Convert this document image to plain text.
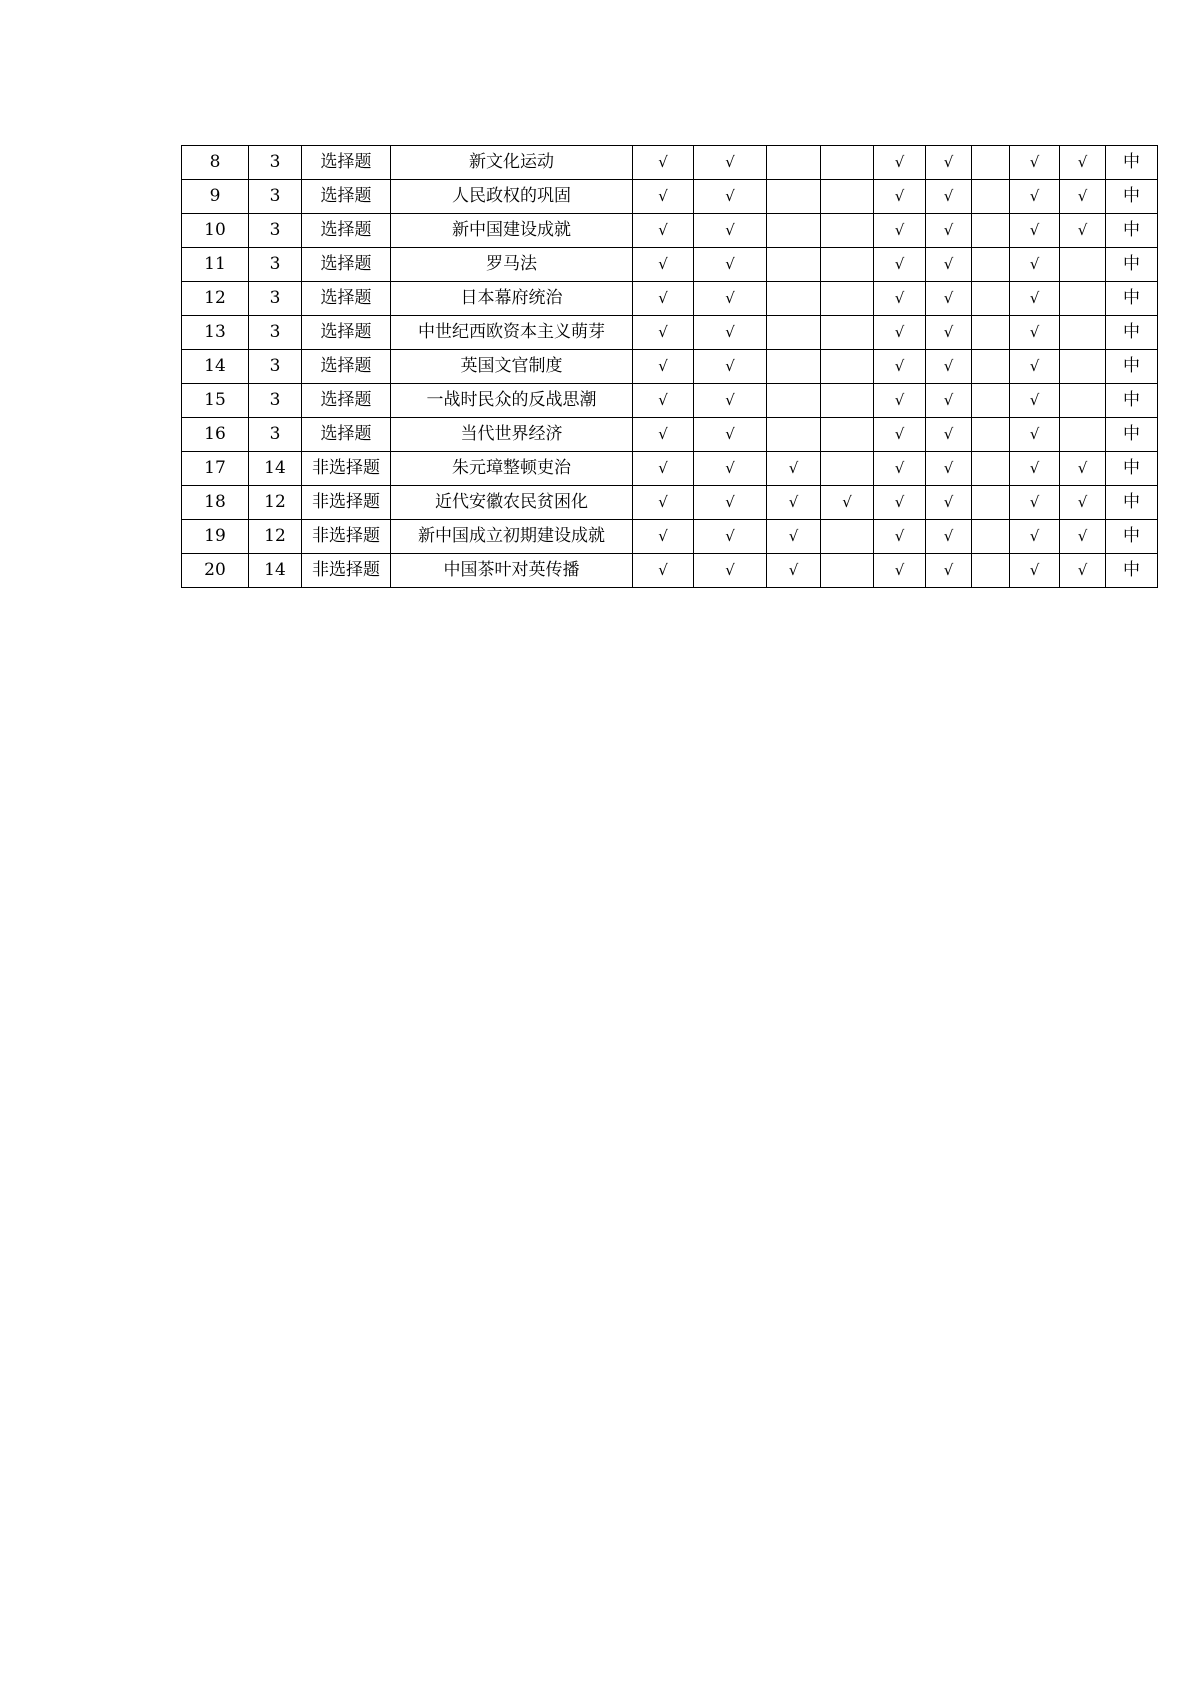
8	3	选择题	新文化运动	√	√			√	√		√	√	中
9	3	选择题	人民政权的巩固	√	√			√	√		√	√	中
10	3	选择题	新中国建设成就	√	√			√	√		√	√	中
11	3	选择题	罗马法	√	√			√	√		√		中
12	3	选择题	日本幕府统治	√	√			√	√		√		中
13	3	选择题	中世纪西欧资本主义萌芽	√	√			√	√		√		中
14	3	选择题	英国文官制度	√	√			√	√		√		中
15	3	选择题	一战时民众的反战思潮	√	√			√	√		√		中
16	3	选择题	当代世界经济	√	√			√	√		√		中
17	14	非选择题	朱元璋整顿吏治	√	√	√		√	√		√	√	中
18	12	非选择题	近代安徽农民贫困化	√	√	√	√	√	√		√	√	中
19	12	非选择题	新中国成立初期建设成就	√	√	√		√	√		√	√	中
20	14	非选择题	中国茶叶对英传播	√	√	√		√	√		√	√	中
